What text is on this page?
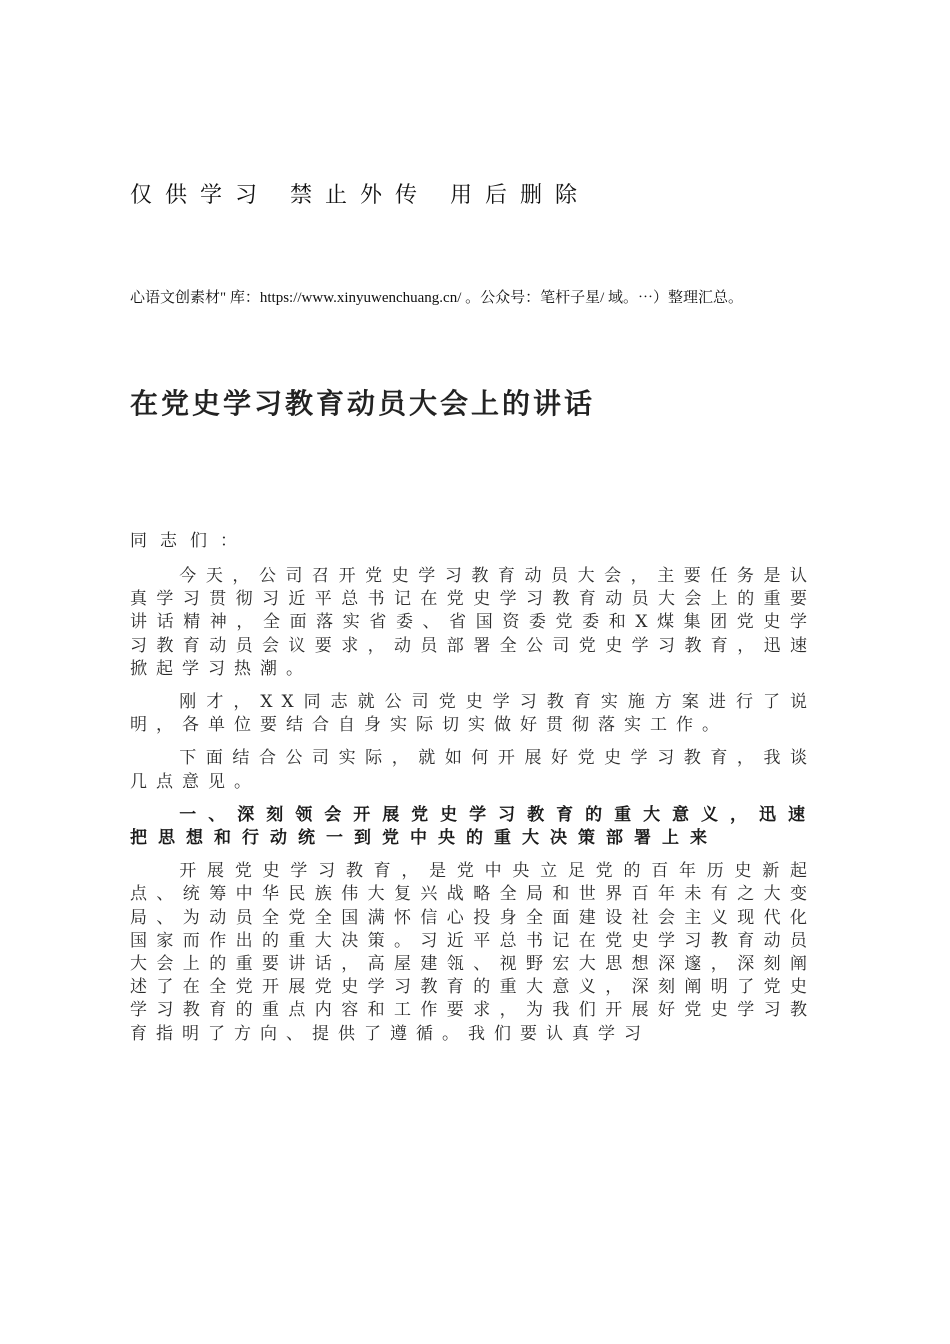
仅供学习 禁止外传 用后删除
心语文创素材" 库：https://www.xinyuwenchuang.cn/ 。公众号：笔杆子星/ 域。⋯）整理汇总。
在党史学习教育动员大会上的讲话

同志们：

今天，公司召开党史学习教育动员大会，主要任务是认真学习贯彻习近平总书记在党史学习教育动员大会上的重要讲话精神，全面落实省委、省国资委党委和X煤集团党史学习教育动员会议要求，动员部署全公司党史学习教育，迅速掀起学习热潮。

刚才，XX同志就公司党史学习教育实施方案进行了说明，各单位要结合自身实际切实做好贯彻落实工作。

下面结合公司实际，就如何开展好党史学习教育，我谈几点意见。

一、深刻领会开展党史学习教育的重大意义，迅速把思想和行动统一到党中央的重大决策部署上来

开展党史学习教育，是党中央立足党的百年历史新起点、统筹中华民族伟大复兴战略全局和世界百年未有之大变局、为动员全党全国满怀信心投身全面建设社会主义现代化国家而作出的重大决策。习近平总书记在党史学习教育动员大会上的重要讲话，高屋建瓴、视野宏大思想深邃，深刻阐述了在全党开展党史学习教育的重大意义，深刻阐明了党史学习教育的重点内容和工作要求，为我们开展好党史学习教育指明了方向、提供了遵循。我们要认真学习
